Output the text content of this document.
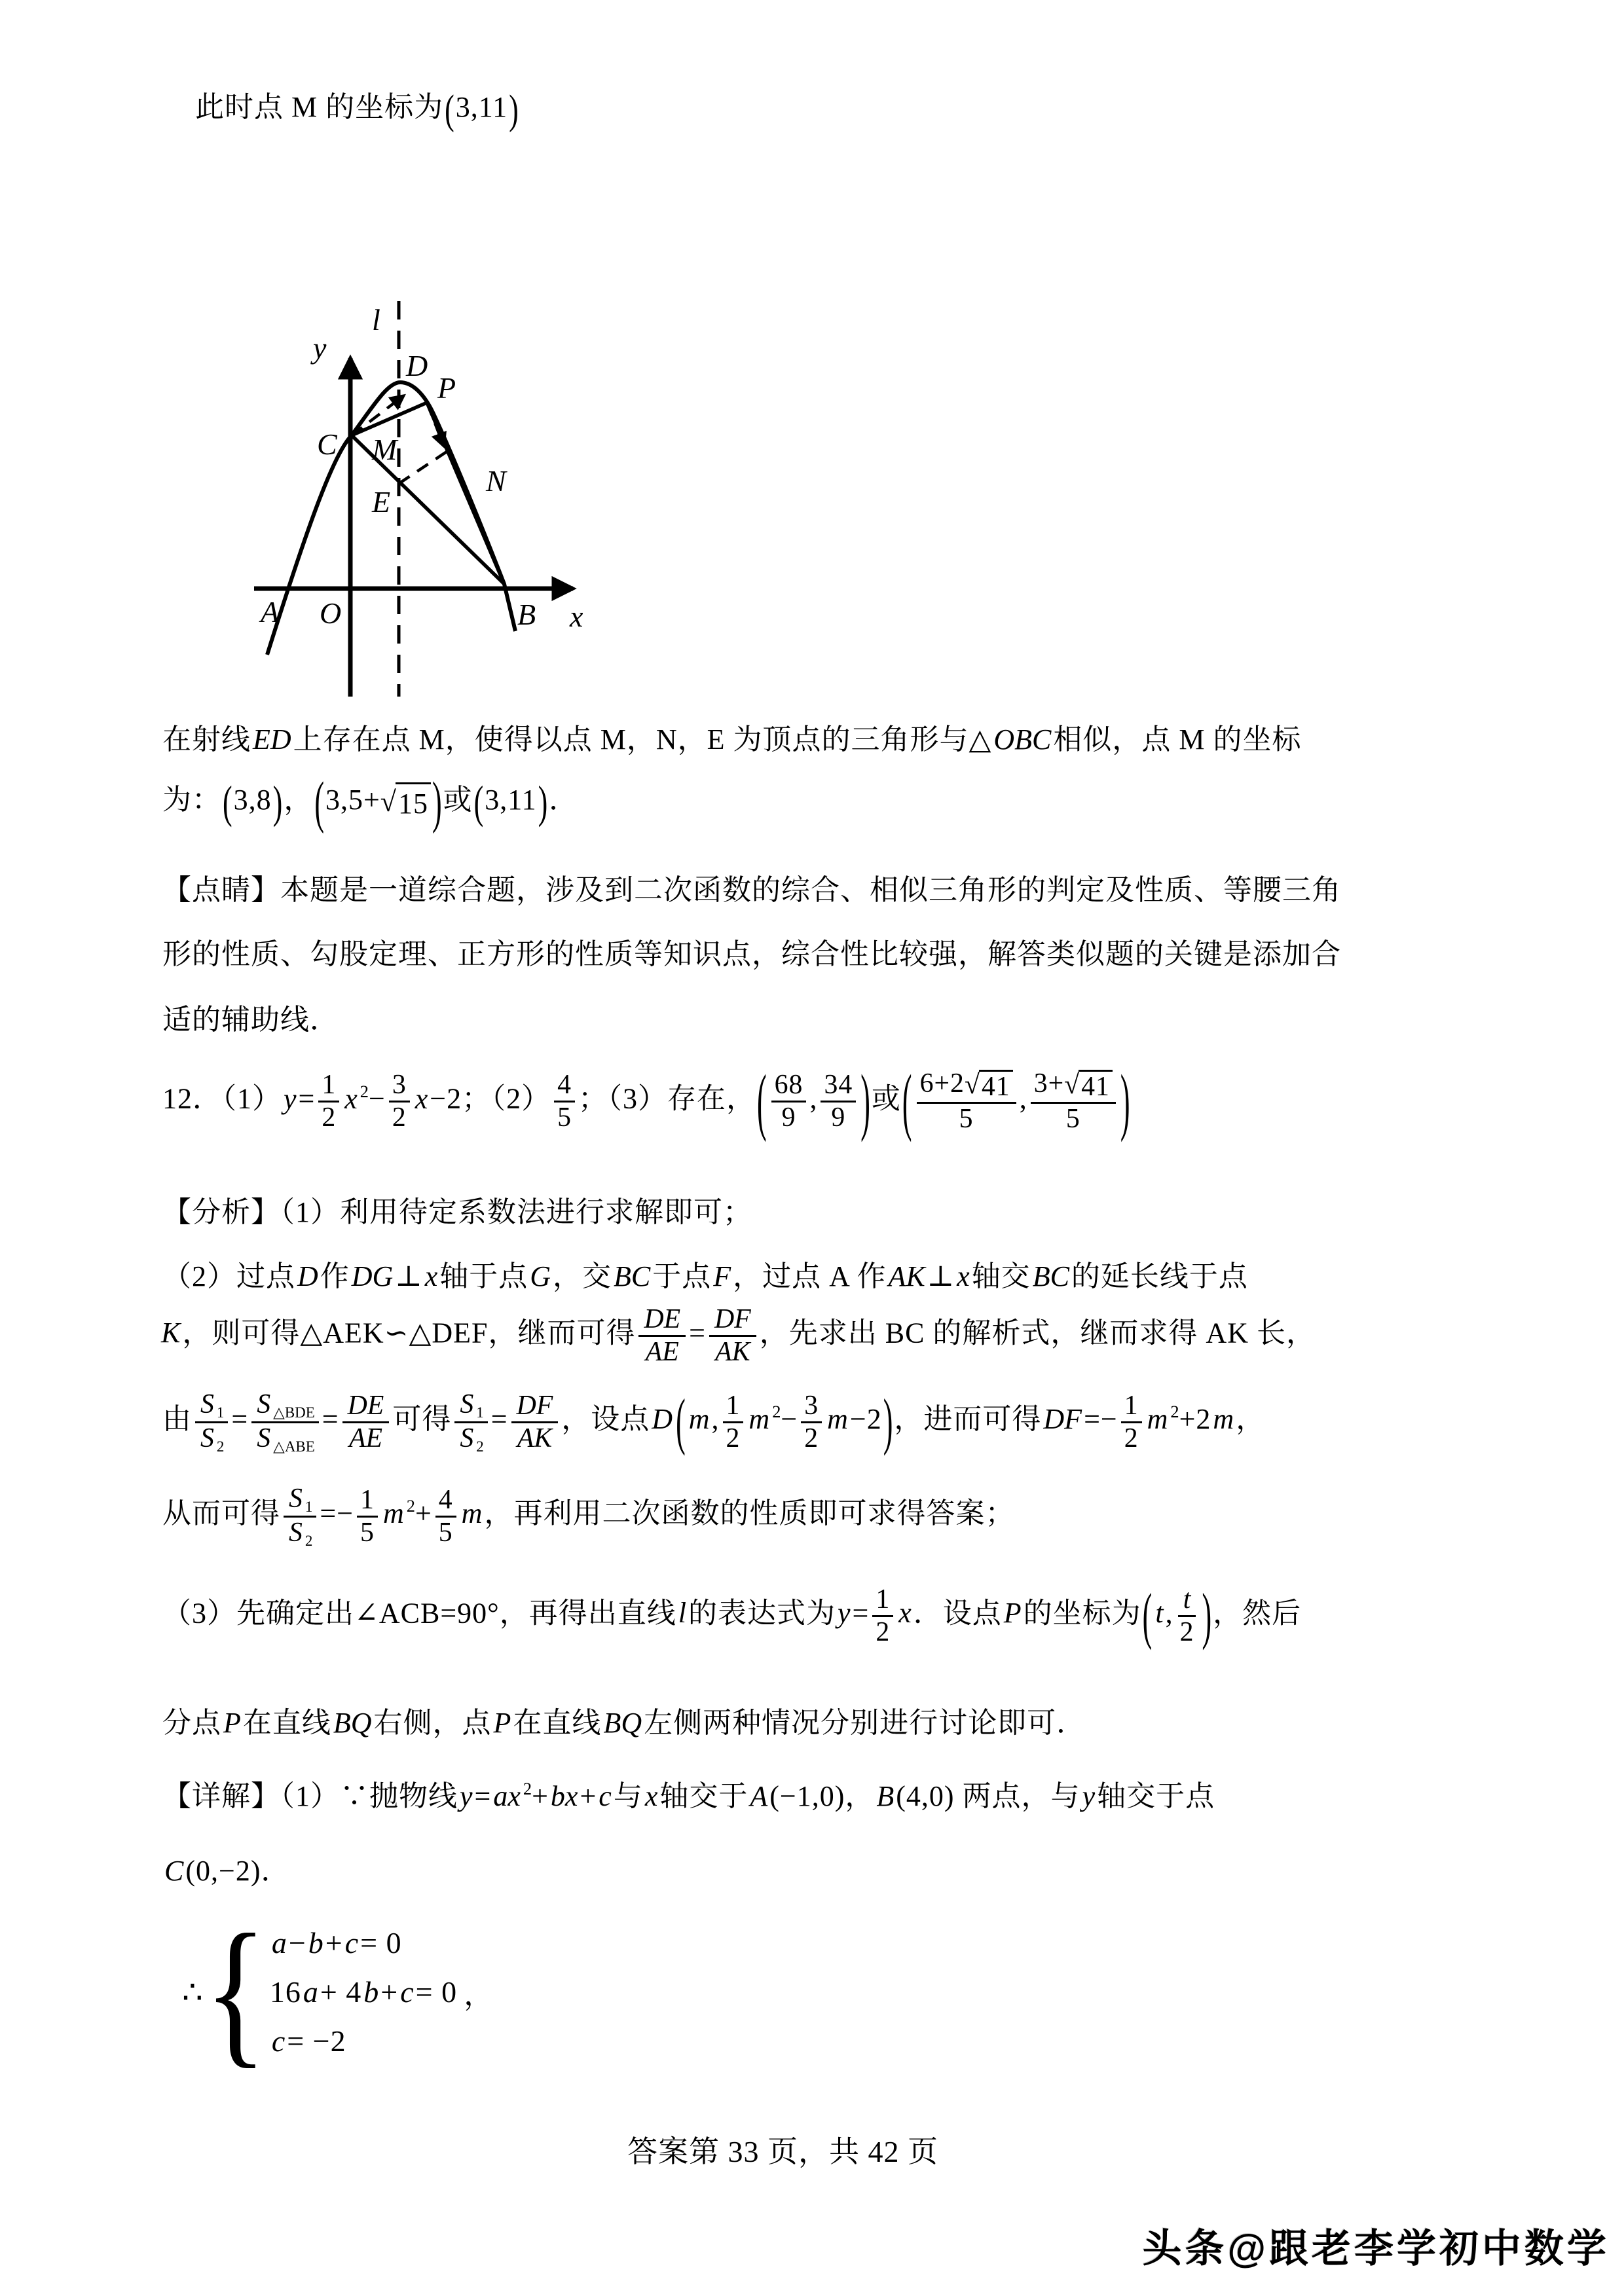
此时点 M 的坐标为(3,11)
在射线ED上存在点 M，使得以点 M，N，E 为顶点的三角形与△OBC相似，点 M 的坐标
为：(3,8)，(3,5+ √ 15 )或(3,11)．
【点睛】本题是一道综合题，涉及到二次函数的综合、相似三角形的判定及性质、等腰三角
形的性质、勾股定理、正方形的性质等知识点，综合性比较强，解答类似题的关键是添加合
适的辅助线．
12．$(1)y= \frac{1}{2}$ x $^2- \frac{3}{2} x-2$；$(2) \frac{4}{5}$ ；（3）存在，( $\frac{68}{9}$ , $\frac{34}{9}$ )或( $\frac{6+2 √ 41}{5}$ , $\frac{3+ √ 41}{5}$ )
【分析】（1）利用待定系数法进行求解即可；
（2）过点D作DG⊥x轴于点G，交BC于点F，过点 A 作AK⊥x轴交BC的延长线于点
K，则可得△AEK∽△DEF，继而可得 $\frac{DE}{AE} = \frac{DF}{AK}$ ，先求出 BC 的解析式，继而求得 AK 长，
由 $\frac{S 1}{S 2} = \frac{\text{S △BDE}}{\text{S △ABE}} = \frac{DE}{AE}$ 可得 $\frac{S 1}{S 2} = \frac{DF}{AK}$ ，设点D ( m, $\frac{1}{2}$ m $^2- \frac{3}{2} m-2$)，进而可得$DF=- \frac{1}{2}$ m $^2$+2m，
从而可得 $\frac{S 1}{S 2} =- \frac{1}{5}$ m $^2+ \frac{4}{5}$ m，再利用二次函数的性质即可求得答案；
（3）先确定出∠ACB=90°，再得出直线l的表达式为$y= \frac{1}{2}$ x．设点P的坐标为( t, $\frac{t}{2}$ )，然后
分点P在直线BQ右侧，点P在直线BQ左侧两种情况分别进行讨论即可．
【详解】（1）∵抛物线y=ax $^2$+bx+c与x轴交于A(−1,0)，B(4,0) 两点，与y轴交于点
C(0,−2)．
∴ { a−b+c= 0
16a+ 4b+c= 0
c= −2
，
l
y
x
O
A	B
C M
D
P
E
N
答案第 33 页，共 42 页
头条@跟老李学初中数学
